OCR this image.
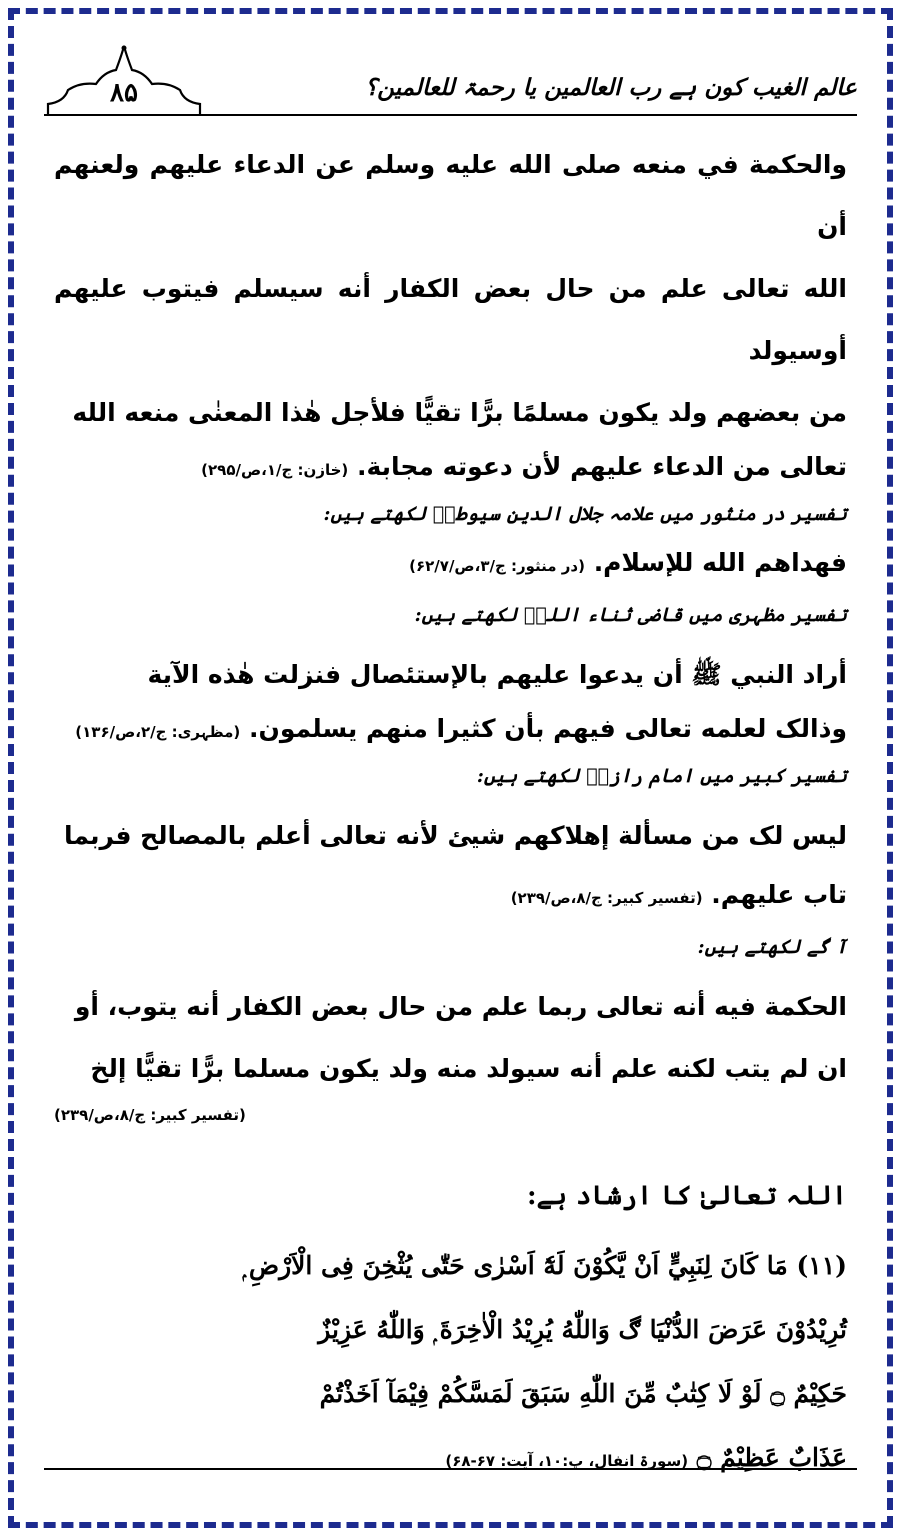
۸۵	عالم الغیب کون ہے رب العالمین یا رحمۃ للعالمین؟

والحكمة في منعه صلى الله عليه وسلم عن الدعاء عليهم ولعنهم أن

الله تعالى علم من حال بعض الكفار أنه سيسلم فيتوب عليهم أوسيولد

من بعضهم ولد يكون مسلمًا برًّا تقيًّا فلأجل هٰذا المعنٰى منعه الله

تعالى من الدعاء عليهم لأن دعوته مجابة. (خازن: ج/۱،ص/۲۹۵)

تفسیر در منثور میں علامہ جلال الدین سیوطیؒ لکھتے ہیں:

فهداهم الله للإسلام. (در منثور: ج/۳،ص/۶۲/۷)

تفسیر مظہری میں قاضی ثناء اللہؒ لکھتے ہیں:

أراد النبي ﷺ أن يدعوا عليهم بالإستئصال فنزلت هٰذه الآية

وذالک لعلمه تعالى فيهم بأن كثيرا منهم يسلمون. (مظہری: ج/۲،ص/۱۳۶)

تفسیر کبیر میں امام رازیؒ لکھتے ہیں:

ليس لک من مسألة إهلاكهم شيئ لأنه تعالى أعلم بالمصالح فربما

تاب عليهم. (تفسیر کبیر: ج/۸،ص/۲۳۹)

آ گے لکھتے ہیں:

الحكمة فيه أنه تعالى ربما علم من حال بعض الكفار أنه يتوب، أو

ان لم يتب لكنه علم أنه سيولد منه ولد يكون مسلما برًّا تقيًّا إلخ

(تفسیر کبیر: ج/۸،ص/۲۳۹)

اللہ تعالیٰ کا ارشاد ہے:

(۱۱) مَا كَانَ لِنَبِيٍّ اَنْ يَّكُوْنَ لَهٗٓ اَسْرٰى حَتّٰى يُثْخِنَ فِى الْاَرْضِ ۭ

تُرِيْدُوْنَ عَرَضَ الدُّنْيَا ڰ وَاللّٰهُ يُرِيْدُ الْاٰخِرَةَ ۭ وَاللّٰهُ عَزِيْزٌ

حَكِيْمٌ ۝ لَوْ لَا كِتٰبٌ مِّنَ اللّٰهِ سَبَقَ لَمَسَّكُمْ فِيْمَآ اَخَذْتُمْ

عَذَابٌ عَظِيْمٌ ۝ (سورۃ انفال، پ:۱۰، آیت: ۶۷-۶۸)
